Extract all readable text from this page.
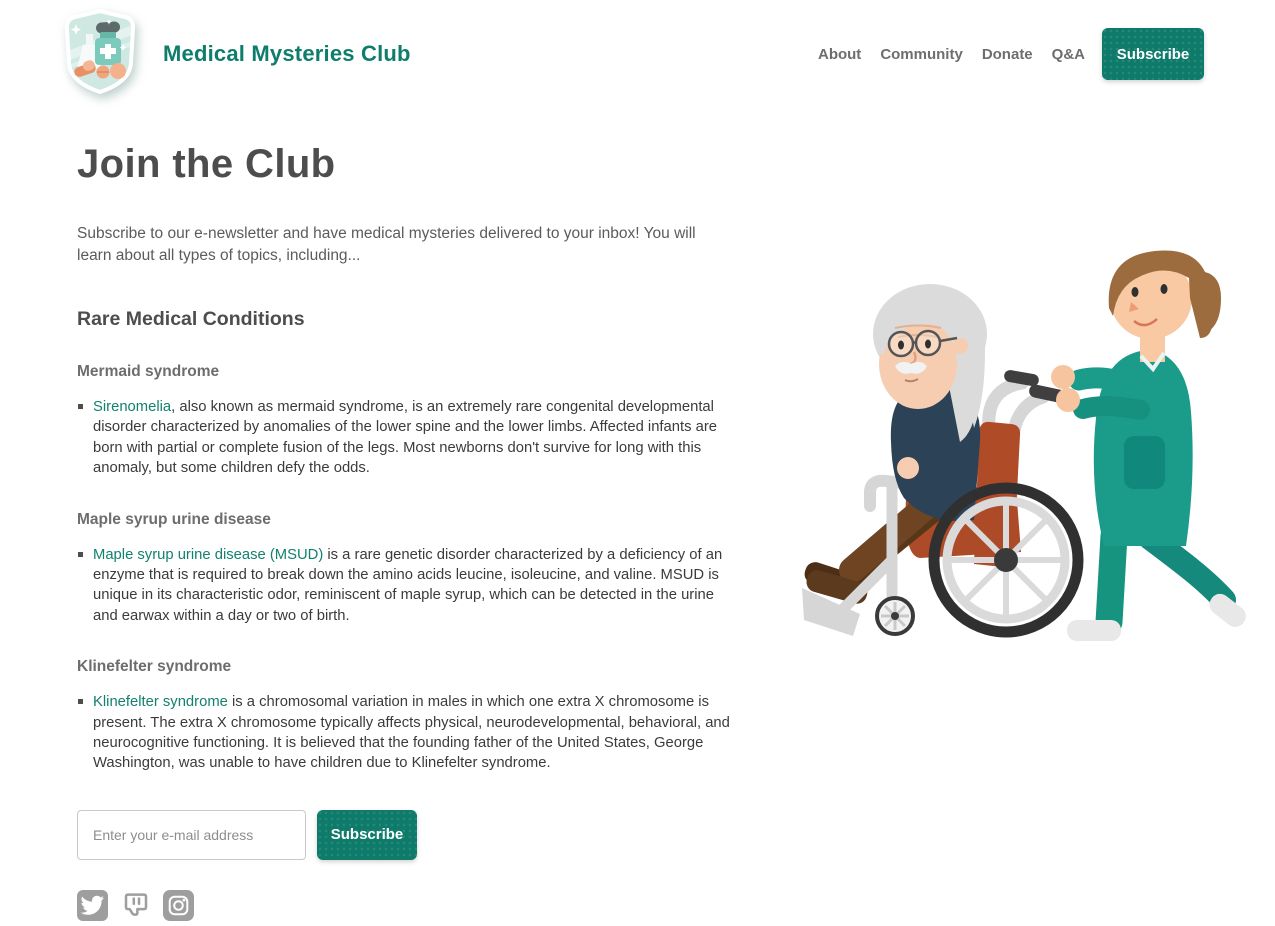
Medical Mysteries Club	About Community Donate Q&A	Subscribe
Join the Club

Subscribe to our e-newsletter and have medical mysteries delivered to your inbox! You will learn about all types of topics, including...

Rare Medical Conditions
Mermaid syndrome
Sirenomelia, also known as mermaid syndrome, is an extremely rare congenital developmental disorder characterized by anomalies of the lower spine and the lower limbs. Affected infants are born with partial or complete fusion of the legs. Most newborns don't survive for long with this anomaly, but some children defy the odds.
Maple syrup urine disease
Maple syrup urine disease (MSUD) is a rare genetic disorder characterized by a deficiency of an enzyme that is required to break down the amino acids leucine, isoleucine, and valine. MSUD is unique in its characteristic odor, reminiscent of maple syrup, which can be detected in the urine and earwax within a day or two of birth.
Klinefelter syndrome
Klinefelter syndrome is a chromosomal variation in males in which one extra X chromosome is present. The extra X chromosome typically affects physical, neurodevelopmental, behavioral, and neurocognitive functioning. It is believed that the founding father of the United States, George Washington, was unable to have children due to Klinefelter syndrome.
Enter your e-mail address
Subscribe
